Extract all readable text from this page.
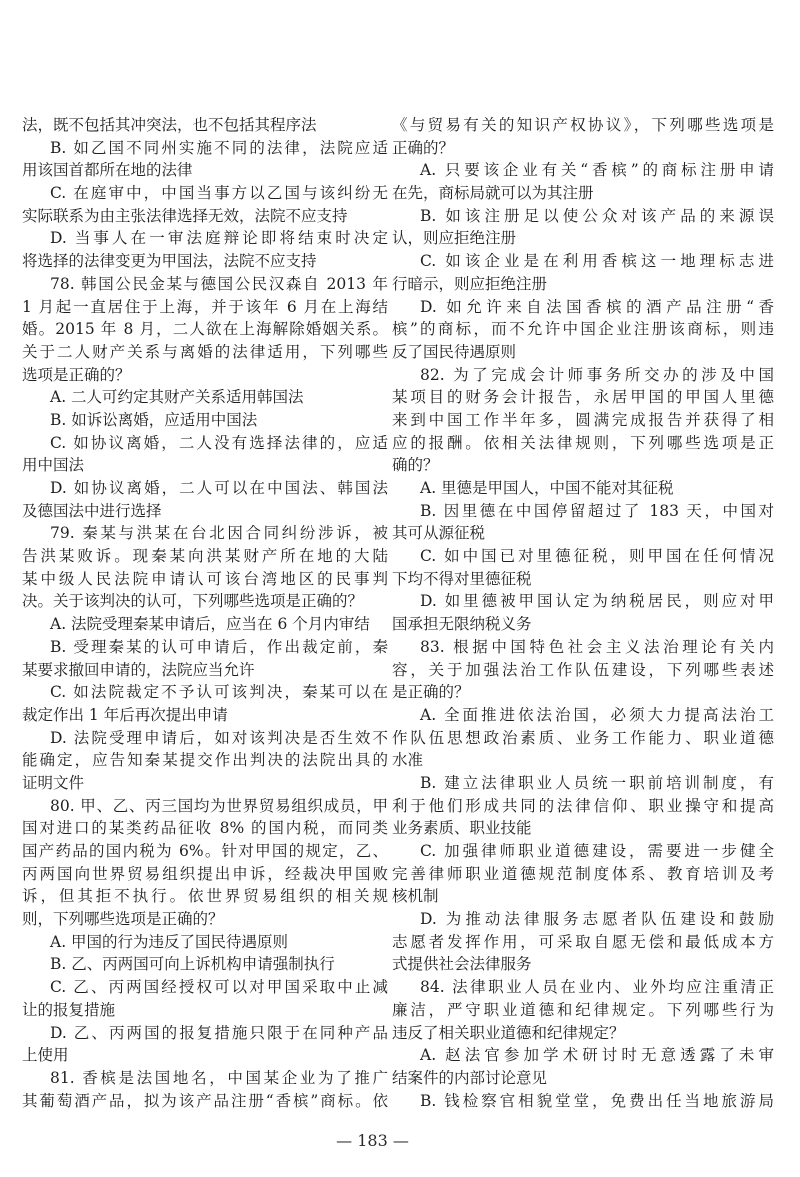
法，既不包括其冲突法，也不包括其程序法
B. 如乙国不同州实施不同的法律，法院应适
用该国首都所在地的法律
C. 在庭审中，中国当事方以乙国与该纠纷无
实际联系为由主张法律选择无效，法院不应支持
D. 当事人在一审法庭辩论即将结束时决定
将选择的法律变更为甲国法，法院不应支持
78. 韩国公民金某与德国公民汉森自 2013 年
1 月起一直居住于上海，并于该年 6 月在上海结
婚。2015 年 8 月，二人欲在上海解除婚姻关系。
关于二人财产关系与离婚的法律适用，下列哪些
选项是正确的？
A. 二人可约定其财产关系适用韩国法
B. 如诉讼离婚，应适用中国法
C. 如协议离婚，二人没有选择法律的，应适
用中国法
D. 如协议离婚，二人可以在中国法、韩国法
及德国法中进行选择
79. 秦某与洪某在台北因合同纠纷涉诉，被
告洪某败诉。现秦某向洪某财产所在地的大陆
某中级人民法院申请认可该台湾地区的民事判
决。关于该判决的认可，下列哪些选项是正确的？
A. 法院受理秦某申请后，应当在 6 个月内审结
B. 受理秦某的认可申请后，作出裁定前，秦
某要求撤回申请的，法院应当允许
C. 如法院裁定不予认可该判决，秦某可以在
裁定作出 1 年后再次提出申请
D. 法院受理申请后，如对该判决是否生效不
能确定，应告知秦某提交作出判决的法院出具的
证明文件
80. 甲、乙、丙三国均为世界贸易组织成员，甲
国对进口的某类药品征收 8% 的国内税，而同类
国产药品的国内税为 6%。针对甲国的规定，乙、
丙两国向世界贸易组织提出申诉，经裁决甲国败
诉，但其拒不执行。依世界贸易组织的相关规
则，下列哪些选项是正确的？
A. 甲国的行为违反了国民待遇原则
B. 乙、丙两国可向上诉机构申请强制执行
C. 乙、丙两国经授权可以对甲国采取中止减
让的报复措施
D. 乙、丙两国的报复措施只限于在同种产品
上使用
81. 香槟是法国地名，中国某企业为了推广
其葡萄酒产品，拟为该产品注册“香槟”商标。依
《与贸易有关的知识产权协议》，下列哪些选项是
正确的？
A. 只要该企业有关“香槟”的商标注册申请
在先，商标局就可以为其注册
B. 如该注册足以使公众对该产品的来源误
认，则应拒绝注册
C. 如该企业是在利用香槟这一地理标志进
行暗示，则应拒绝注册
D. 如允许来自法国香槟的酒产品注册“香
槟”的商标，而不允许中国企业注册该商标，则违
反了国民待遇原则
82. 为了完成会计师事务所交办的涉及中国
某项目的财务会计报告，永居甲国的甲国人里德
来到中国工作半年多，圆满完成报告并获得了相
应的报酬。依相关法律规则，下列哪些选项是正
确的？
A. 里德是甲国人，中国不能对其征税
B. 因里德在中国停留超过了 183 天，中国对
其可从源征税
C. 如中国已对里德征税，则甲国在任何情况
下均不得对里德征税
D. 如里德被甲国认定为纳税居民，则应对甲
国承担无限纳税义务
83. 根据中国特色社会主义法治理论有关内
容，关于加强法治工作队伍建设，下列哪些表述
是正确的？
A. 全面推进依法治国，必须大力提高法治工
作队伍思想政治素质、业务工作能力、职业道德
水准
B. 建立法律职业人员统一职前培训制度，有
利于他们形成共同的法律信仰、职业操守和提高
业务素质、职业技能
C. 加强律师职业道德建设，需要进一步健全
完善律师职业道德规范制度体系、教育培训及考
核机制
D. 为推动法律服务志愿者队伍建设和鼓励
志愿者发挥作用，可采取自愿无偿和最低成本方
式提供社会法律服务
84. 法律职业人员在业内、业外均应注重清正
廉洁，严守职业道德和纪律规定。下列哪些行为
违反了相关职业道德和纪律规定？
A. 赵法官参加学术研讨时无意透露了未审
结案件的内部讨论意见
B. 钱检察官相貌堂堂，免费出任当地旅游局
— 183 —
